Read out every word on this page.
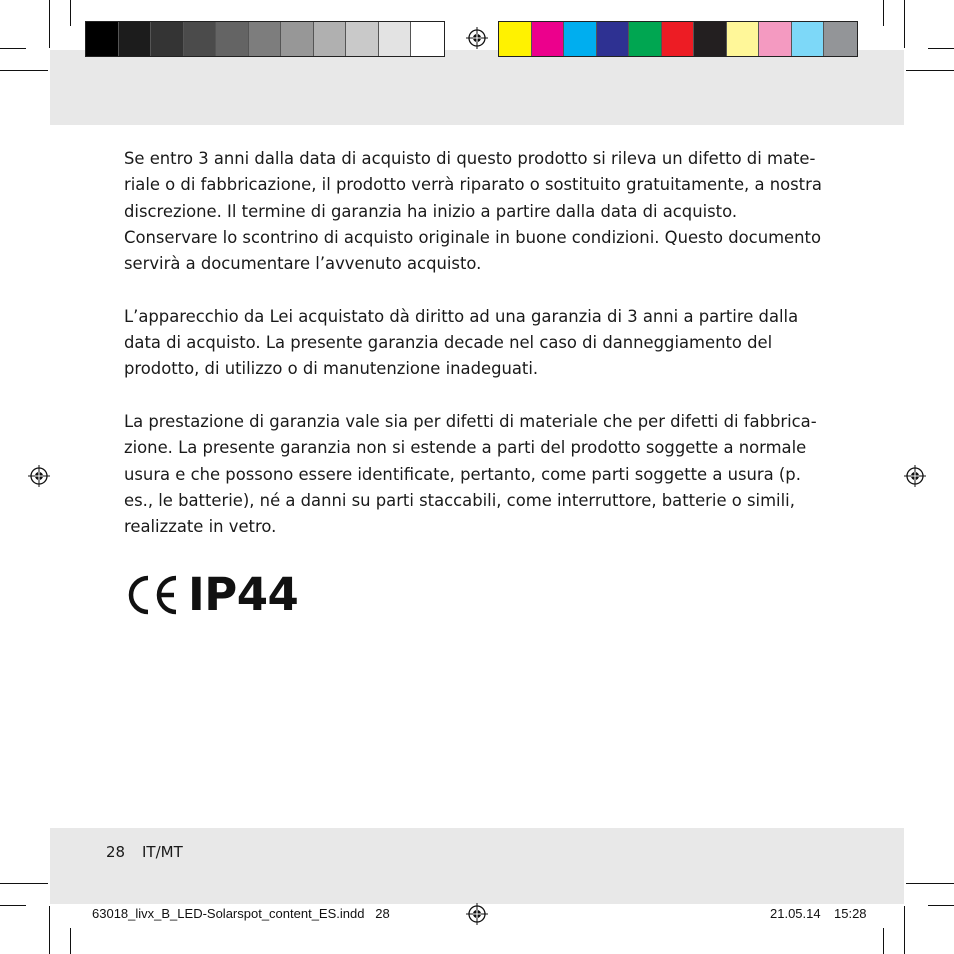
Se entro 3 anni dalla data di acquisto di questo prodotto si rileva un difetto di mate-riale o di fabbricazione, il prodotto verrà riparato o sostituito gratuitamente, a nostra discrezione. Il termine di garanzia ha inizio a partire dalla data di acquisto. Conservare lo scontrino di acquisto originale in buone condizioni. Questo documento servirà a documentare l’avvenuto acquisto.

L’apparecchio da Lei acquistato dà diritto ad una garanzia di 3 anni a partire dalla data di acquisto. La presente garanzia decade nel caso di danneggiamento del prodotto, di utilizzo o di manutenzione inadeguati.

La prestazione di garanzia vale sia per difetti di materiale che per difetti di fabbrica-zione. La presente garanzia non si estende a parti del prodotto soggette a normale usura e che possono essere identificate, pertanto, come parti soggette a usura (p. es., le batterie), né a danni su parti staccabili, come interruttore, batterie o simili, realizzate in vetro.

IP44
28 IT/MT
63018_livx_B_LED-Solarspot_content_ES.indd   28	21.05.14 15:28
